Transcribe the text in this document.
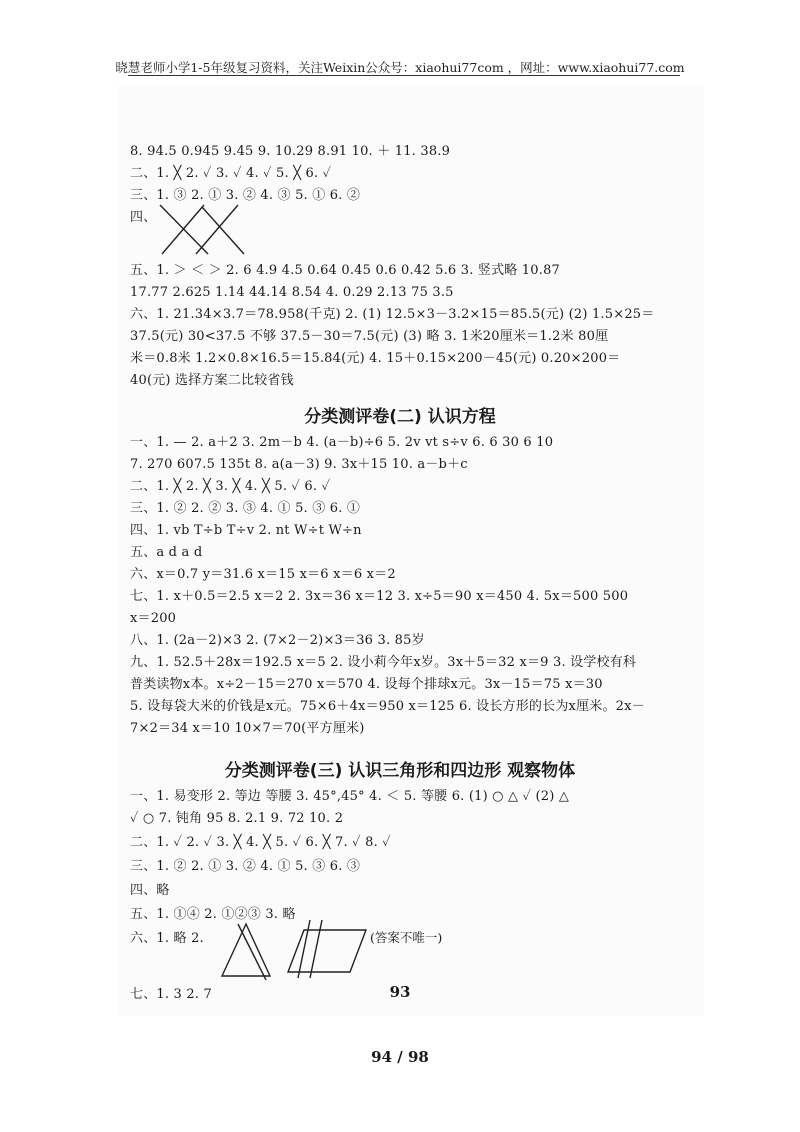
晓慧老师小学1-5年级复习资料，关注Weixin公众号：xiaohui77com ，网址：www.xiaohui77.com
8. 94.5 0.945 9.45 9. 10.29 8.91 10. ＋ 11. 38.9
二、1. ╳ 2. ✓ 3. ✓ 4. ✓ 5. ╳ 6. ✓
三、1. ③ 2. ① 3. ② 4. ③ 5. ① 6. ②
四、
五、1. ＞ ＜ ＞ 2. 6 4.9 4.5 0.64 0.45 0.6 0.42 5.6 3. 竖式略 10.87
17.77 2.625 1.14 44.14 8.54 4. 0.29 2.13 75 3.5
六、1. 21.34×3.7＝78.958(千克) 2. (1) 12.5×3－3.2×15＝85.5(元) (2) 1.5×25＝
37.5(元) 30<37.5 不够 37.5－30＝7.5(元) (3) 略 3. 1米20厘米＝1.2米 80厘
米＝0.8米 1.2×0.8×16.5＝15.84(元) 4. 15＋0.15×200－45(元) 0.20×200＝
40(元) 选择方案二比较省钱
分类测评卷(二) 认识方程
一、1. — 2. a＋2 3. 2m－b 4. (a－b)÷6 5. 2v vt s÷v 6. 6 30 6 10
7. 270 607.5 135t 8. a(a－3) 9. 3x＋15 10. a－b＋c
二、1. ╳ 2. ╳ 3. ╳ 4. ╳ 5. ✓ 6. ✓
三、1. ② 2. ② 3. ③ 4. ① 5. ③ 6. ①
四、1. vb T÷b T÷v 2. nt W÷t W÷n
五、a d a d
六、x＝0.7 y＝31.6 x＝15 x＝6 x＝6 x＝2
七、1. x＋0.5＝2.5 x＝2 2. 3x＝36 x＝12 3. x÷5＝90 x＝450 4. 5x＝500 500
x＝200
八、1. (2a－2)×3 2. (7×2－2)×3＝36 3. 85岁
九、1. 52.5＋28x＝192.5 x＝5 2. 设小莉今年x岁。3x＋5＝32 x＝9 3. 设学校有科
普类读物x本。x÷2－15＝270 x＝570 4. 设每个排球x元。3x－15＝75 x＝30
5. 设每袋大米的价钱是x元。75×6＋4x＝950 x＝125 6. 设长方形的长为x厘米。2x－
7×2＝34 x＝10 10×7＝70(平方厘米)
分类测评卷(三) 认识三角形和四边形 观察物体
一、1. 易变形 2. 等边 等腰 3. 45°,45° 4. ＜ 5. 等腰 6. (1) ○ △ ✓ (2) △
✓ ○ 7. 钝角 95 8. 2.1 9. 72 10. 2
二、1. ✓ 2. ✓ 3. ╳ 4. ╳ 5. ✓ 6. ╳ 7. ✓ 8. ✓
三、1. ② 2. ① 3. ② 4. ① 5. ③ 6. ③
四、略
五、1. ①④ 2. ①②③ 3. 略
六、1. 略 2.	(答案不唯一)
七、1. 3 2. 7	93
94 / 98
